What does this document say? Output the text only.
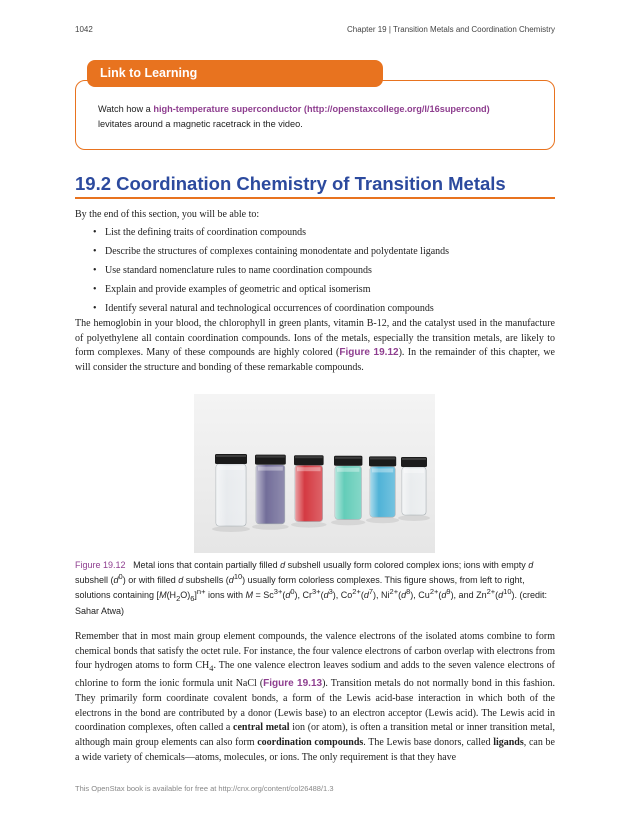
1042	Chapter 19 | Transition Metals and Coordination Chemistry
Link to Learning
Watch how a high-temperature superconductor (http://openstaxcollege.org/l/16supercond) levitates around a magnetic racetrack in the video.
19.2 Coordination Chemistry of Transition Metals
By the end of this section, you will be able to:
• List the defining traits of coordination compounds
• Describe the structures of complexes containing monodentate and polydentate ligands
• Use standard nomenclature rules to name coordination compounds
• Explain and provide examples of geometric and optical isomerism
• Identify several natural and technological occurrences of coordination compounds

The hemoglobin in your blood, the chlorophyll in green plants, vitamin B-12, and the catalyst used in the manufacture of polyethylene all contain coordination compounds. Ions of the metals, especially the transition metals, are likely to form complexes. Many of these compounds are highly colored (Figure 19.12). In the remainder of this chapter, we will consider the structure and bonding of these remarkable compounds.

Figure 19.12 Metal ions that contain partially filled d subshell usually form colored complex ions; ions with empty d subshell $(d^0)$ or with filled d subshells $(d^{10})$ usually form colorless complexes. This figure shows, from left to right, solutions containing $[M(H_2O)_6]^{n+}$ ions with $M = Sc^{3+}(d^0)$, $Cr^{3+}(d^3)$, $Co^{2+}(d^7)$, $Ni^{2+}(d^8)$, $Cu^{2+}(d^9)$, and $Zn^{2+}(d^{10})$. (credit: Sahar Atwa)

Remember that in most main group element compounds, the valence electrons of the isolated atoms combine to form chemical bonds that satisfy the octet rule. For instance, the four valence electrons of carbon overlap with electrons from four hydrogen atoms to form $CH_4$. The one valence electron leaves sodium and adds to the seven valence electrons of chlorine to form the ionic formula unit NaCl (Figure 19.13). Transition metals do not normally bond in this fashion. They primarily form coordinate covalent bonds, a form of the Lewis acid-base interaction in which both of the electrons in the bond are contributed by a donor (Lewis base) to an electron acceptor (Lewis acid). The Lewis acid in coordination complexes, often called a central metal ion (or atom), is often a transition metal or inner transition metal, although main group elements can also form coordination compounds. The Lewis base donors, called ligands, can be a wide variety of chemicals—atoms, molecules, or ions. The only requirement is that they have

This OpenStax book is available for free at http://cnx.org/content/col26488/1.3
